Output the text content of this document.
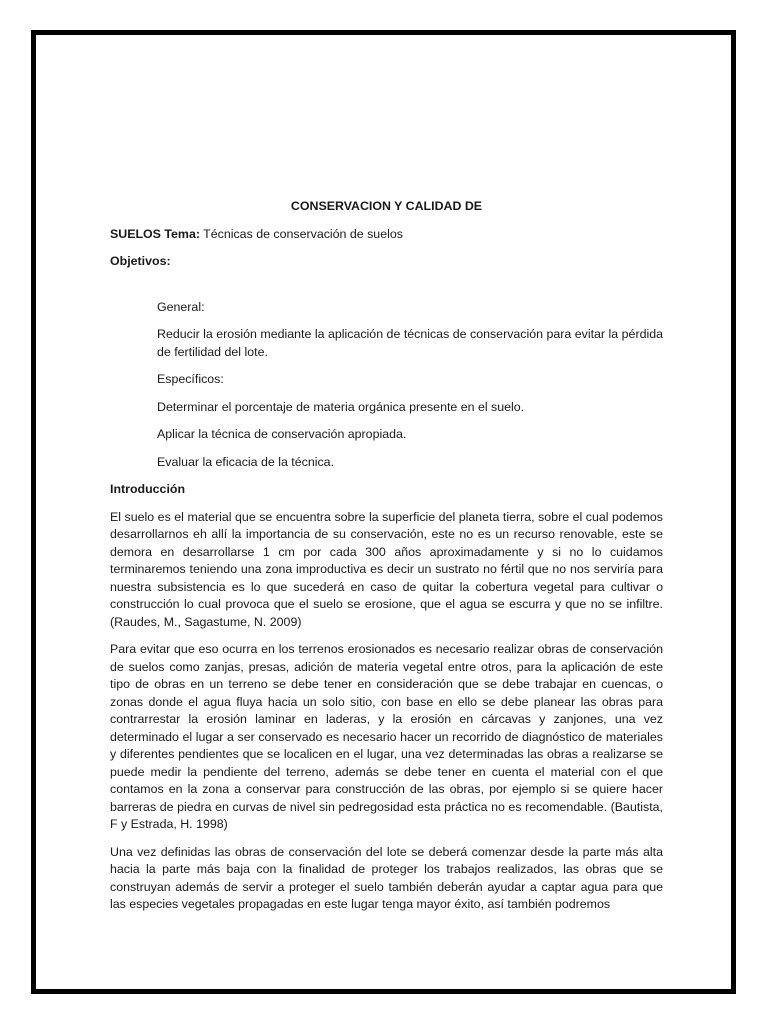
CONSERVACION Y CALIDAD DE

SUELOS Tema: Técnicas de conservación de suelos

Objetivos:

General:

Reducir la erosión mediante la aplicación de técnicas de conservación para evitar la pérdida de fertilidad del lote.

Específicos:

Determinar el porcentaje de materia orgánica presente en el suelo.

Aplicar la técnica de conservación apropiada.

Evaluar la eficacia de la técnica.

Introducción

El suelo es el material que se encuentra sobre la superficie del planeta tierra, sobre el cual podemos desarrollarnos eh allí la importancia de su conservación, este no es un recurso renovable, este se demora en desarrollarse 1 cm por cada 300 años aproximadamente y si no lo cuidamos terminaremos teniendo una zona improductiva es decir un sustrato no fértil que no nos serviría para nuestra subsistencia es lo que sucederá en caso de quitar la cobertura vegetal para cultivar o construcción lo cual provoca que el suelo se erosione, que el agua se escurra y que no se infiltre. (Raudes, M., Sagastume, N. 2009)

Para evitar que eso ocurra en los terrenos erosionados es necesario realizar obras de conservación de suelos como zanjas, presas, adición de materia vegetal entre otros, para la aplicación de este tipo de obras en un terreno se debe tener en consideración que se debe trabajar en cuencas, o zonas donde el agua fluya hacia un solo sitio, con base en ello se debe planear las obras para contrarrestar la erosión laminar en laderas, y la erosión en cárcavas y zanjones, una vez determinado el lugar a ser conservado es necesario hacer un recorrido de diagnóstico de materiales y diferentes pendientes que se localicen en el lugar, una vez determinadas las obras a realizarse se puede medir la pendiente del terreno, además se debe tener en cuenta el material con el que contamos en la zona a conservar para construcción de las obras, por ejemplo si se quiere hacer barreras de piedra en curvas de nivel sin pedregosidad esta práctica no es recomendable. (Bautista, F y Estrada, H. 1998)

Una vez definidas las obras de conservación del lote se deberá comenzar desde la parte más alta hacia la parte más baja con la finalidad de proteger los trabajos realizados, las obras que se construyan además de servir a proteger el suelo también deberán ayudar a captar agua para que las especies vegetales propagadas en este lugar tenga mayor éxito, así también podremos
